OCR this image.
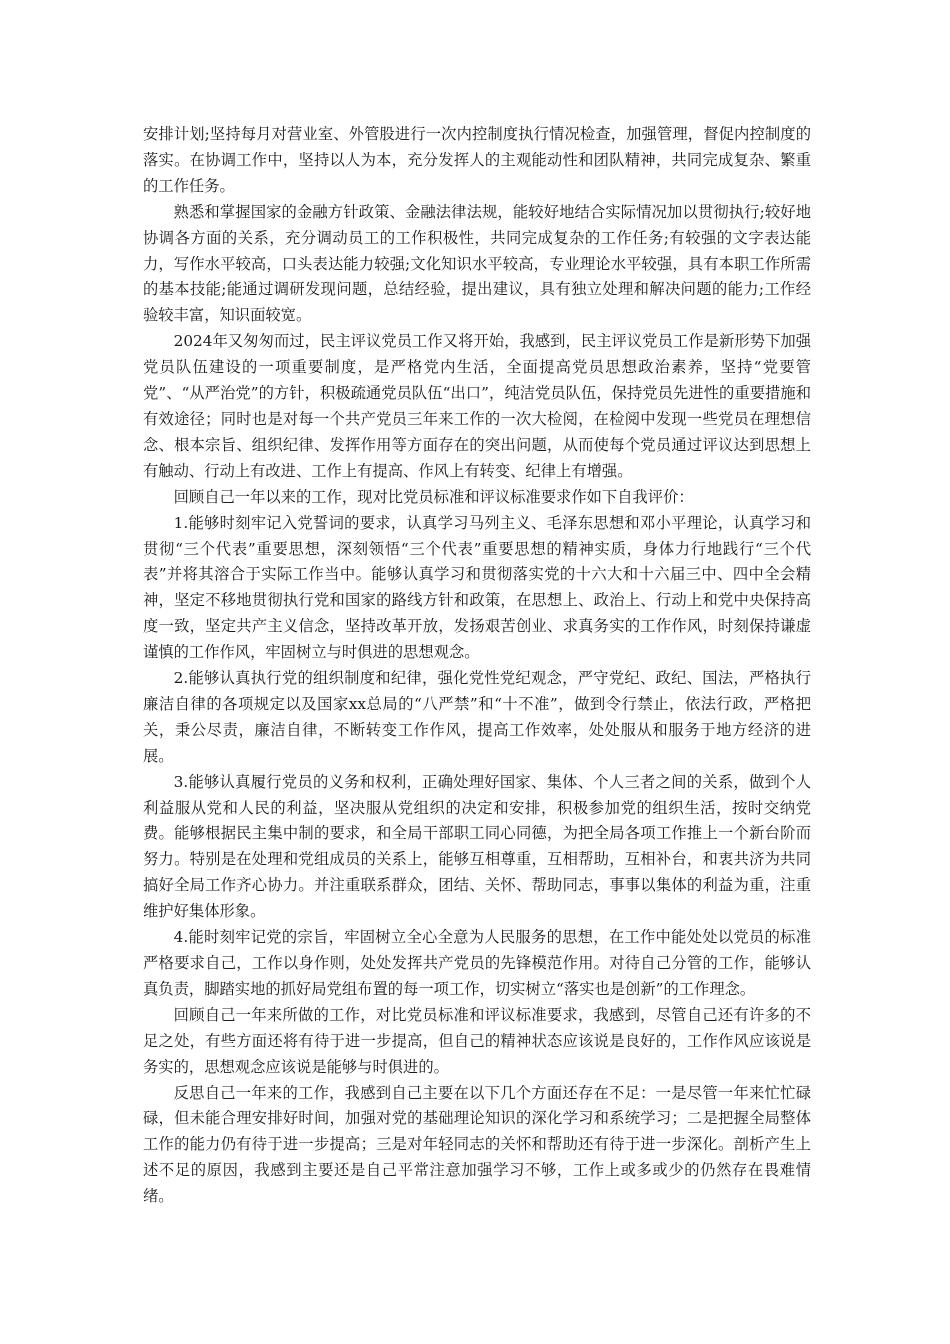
安排计划;坚持每月对营业室、外管股进行一次内控制度执行情况检查，加强管理，督促内控制度的落实。在协调工作中，坚持以人为本，充分发挥人的主观能动性和团队精神，共同完成复杂、繁重的工作任务。

熟悉和掌握国家的金融方针政策、金融法律法规，能较好地结合实际情况加以贯彻执行;较好地协调各方面的关系，充分调动员工的工作积极性，共同完成复杂的工作任务;有较强的文字表达能力，写作水平较高，口头表达能力较强;文化知识水平较高，专业理论水平较强，具有本职工作所需的基本技能;能通过调研发现问题，总结经验，提出建议，具有独立处理和解决问题的能力;工作经验较丰富，知识面较宽。

2024年又匆匆而过，民主评议党员工作又将开始，我感到，民主评议党员工作是新形势下加强党员队伍建设的一项重要制度，是严格党内生活，全面提高党员思想政治素养，坚持“党要管党”、“从严治党”的方针，积极疏通党员队伍“出口”，纯洁党员队伍，保持党员先进性的重要措施和有效途径；同时也是对每一个共产党员三年来工作的一次大检阅，在检阅中发现一些党员在理想信念、根本宗旨、组织纪律、发挥作用等方面存在的突出问题，从而使每个党员通过评议达到思想上有触动、行动上有改进、工作上有提高、作风上有转变、纪律上有增强。

回顾自己一年以来的工作，现对比党员标准和评议标准要求作如下自我评价：

1.能够时刻牢记入党誓词的要求，认真学习马列主义、毛泽东思想和邓小平理论，认真学习和贯彻“三个代表”重要思想，深刻领悟“三个代表”重要思想的精神实质，身体力行地践行“三个代表”并将其溶合于实际工作当中。能够认真学习和贯彻落实党的十六大和十六届三中、四中全会精神，坚定不移地贯彻执行党和国家的路线方针和政策，在思想上、政治上、行动上和党中央保持高度一致，坚定共产主义信念，坚持改革开放，发扬艰苦创业、求真务实的工作作风，时刻保持谦虚谨慎的工作作风，牢固树立与时俱进的思想观念。

2.能够认真执行党的组织制度和纪律，强化党性党纪观念，严守党纪、政纪、国法，严格执行廉洁自律的各项规定以及国家xx总局的“八严禁”和“十不准”，做到令行禁止，依法行政，严格把关，秉公尽责，廉洁自律，不断转变工作作风，提高工作效率，处处服从和服务于地方经济的进展。

3.能够认真履行党员的义务和权利，正确处理好国家、集体、个人三者之间的关系，做到个人利益服从党和人民的利益，坚决服从党组织的决定和安排，积极参加党的组织生活，按时交纳党费。能够根据民主集中制的要求，和全局干部职工同心同德，为把全局各项工作推上一个新台阶而努力。特别是在处理和党组成员的关系上，能够互相尊重，互相帮助，互相补台，和衷共济为共同搞好全局工作齐心协力。并注重联系群众，团结、关怀、帮助同志，事事以集体的利益为重，注重维护好集体形象。

4.能时刻牢记党的宗旨，牢固树立全心全意为人民服务的思想，在工作中能处处以党员的标准严格要求自己，工作以身作则，处处发挥共产党员的先锋模范作用。对待自己分管的工作，能够认真负责，脚踏实地的抓好局党组布置的每一项工作，切实树立“落实也是创新”的工作理念。

回顾自己一年来所做的工作，对比党员标准和评议标准要求，我感到，尽管自己还有许多的不足之处，有些方面还将有待于进一步提高，但自己的精神状态应该说是良好的，工作作风应该说是务实的，思想观念应该说是能够与时俱进的。

反思自己一年来的工作，我感到自己主要在以下几个方面还存在不足：一是尽管一年来忙忙碌碌，但未能合理安排好时间，加强对党的基础理论知识的深化学习和系统学习；二是把握全局整体工作的能力仍有待于进一步提高；三是对年轻同志的关怀和帮助还有待于进一步深化。剖析产生上述不足的原因，我感到主要还是自己平常注意加强学习不够，工作上或多或少的仍然存在畏难情绪。
